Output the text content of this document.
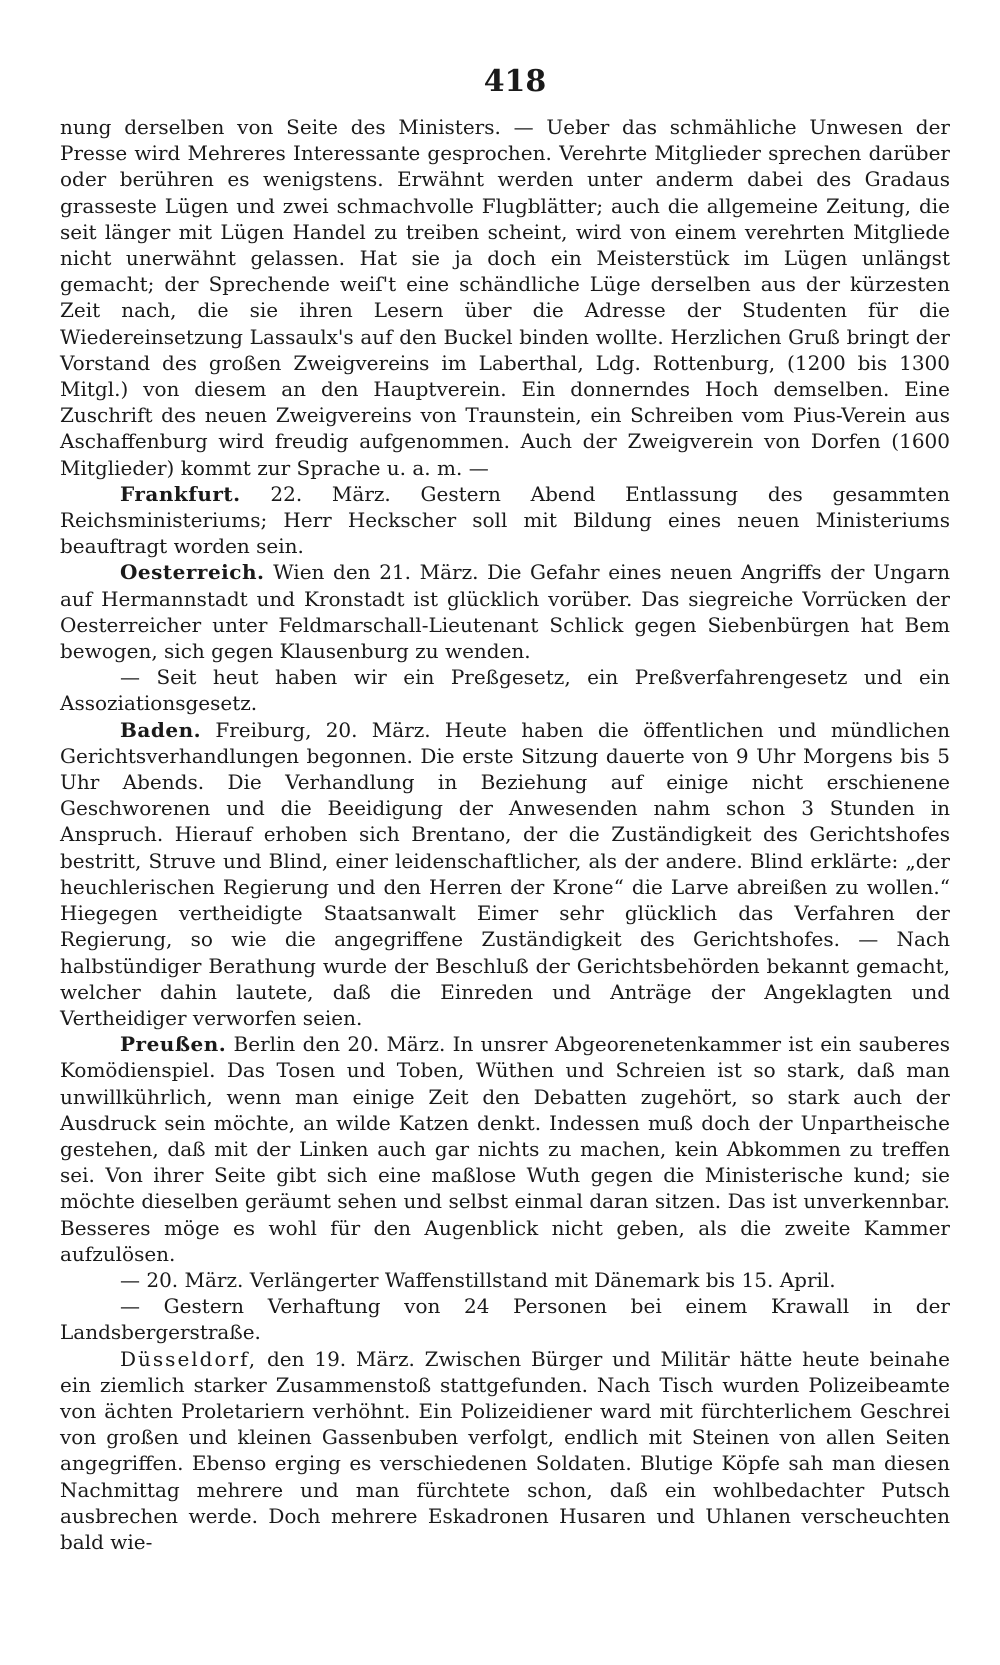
418

nung derselben von Seite des Ministers. — Ueber das schmähliche Unwesen der Presse wird Mehreres Interessante gesprochen. Verehrte Mitglieder sprechen darüber oder berühren es wenigstens. Erwähnt werden unter anderm dabei des Gradaus grasseste Lügen und zwei schmachvolle Flugblätter; auch die allgemeine Zeitung, die seit länger mit Lügen Handel zu treiben scheint, wird von einem verehrten Mitgliede nicht unerwähnt gelassen. Hat sie ja doch ein Meisterstück im Lügen unlängst gemacht; der Sprechende weiſ't eine schändliche Lüge derselben aus der kürzesten Zeit nach, die sie ihren Lesern über die Adresse der Studenten für die Wiedereinsetzung Lassaulx's auf den Buckel binden wollte. Herzlichen Gruß bringt der Vorstand des großen Zweigvereins im Laberthal, Ldg. Rottenburg, (1200 bis 1300 Mitgl.) von diesem an den Hauptverein. Ein donnerndes Hoch demselben. Eine Zuschrift des neuen Zweigvereins von Traunstein, ein Schreiben vom Pius-Verein aus Aschaffenburg wird freudig aufgenommen. Auch der Zweigverein von Dorfen (1600 Mitglieder) kommt zur Sprache u. a. m. —

Frankfurt. 22. März. Gestern Abend Entlassung des gesammten Reichsministeriums; Herr Heckscher soll mit Bildung eines neuen Ministeriums beauftragt worden sein.

Oesterreich. Wien den 21. März. Die Gefahr eines neuen Angriffs der Ungarn auf Hermannstadt und Kronstadt ist glücklich vorüber. Das siegreiche Vorrücken der Oesterreicher unter Feldmarschall-Lieutenant Schlick gegen Siebenbürgen hat Bem bewogen, sich gegen Klausenburg zu wenden.

— Seit heut haben wir ein Preßgesetz, ein Preßverfahrengesetz und ein Assoziationsgesetz.

Baden. Freiburg, 20. März. Heute haben die öffentlichen und mündlichen Gerichtsverhandlungen begonnen. Die erste Sitzung dauerte von 9 Uhr Morgens bis 5 Uhr Abends. Die Verhandlung in Beziehung auf einige nicht erschienene Geschworenen und die Beeidigung der Anwesenden nahm schon 3 Stunden in Anspruch. Hierauf erhoben sich Brentano, der die Zuständigkeit des Gerichtshofes bestritt, Struve und Blind, einer leidenschaftlicher, als der andere. Blind erklärte: „der heuchlerischen Regierung und den Herren der Krone“ die Larve abreißen zu wollen.“ Hiegegen vertheidigte Staatsanwalt Eimer sehr glücklich das Verfahren der Regierung, so wie die angegriffene Zuständigkeit des Gerichtshofes. — Nach halbstündiger Berathung wurde der Beschluß der Gerichtsbehörden bekannt gemacht, welcher dahin lautete, daß die Einreden und Anträge der Angeklagten und Vertheidiger verworfen seien.

Preußen. Berlin den 20. März. In unsrer Abgeorenetenkammer ist ein sauberes Komödienspiel. Das Tosen und Toben, Wüthen und Schreien ist so stark, daß man unwillkührlich, wenn man einige Zeit den Debatten zugehört, so stark auch der Ausdruck sein möchte, an wilde Katzen denkt. Indessen muß doch der Unpartheische gestehen, daß mit der Linken auch gar nichts zu machen, kein Abkommen zu treffen sei. Von ihrer Seite gibt sich eine maßlose Wuth gegen die Ministerische kund; sie möchte dieselben geräumt sehen und selbst einmal daran sitzen. Das ist unverkennbar. Besseres möge es wohl für den Augenblick nicht geben, als die zweite Kammer aufzulösen.

— 20. März. Verlängerter Waffenstillstand mit Dänemark bis 15. April.

— Gestern Verhaftung von 24 Personen bei einem Krawall in der Landsbergerstraße.

Düsseldorf, den 19. März. Zwischen Bürger und Militär hätte heute beinahe ein ziemlich starker Zusammenstoß stattgefunden. Nach Tisch wurden Polizeibeamte von ächten Proletariern verhöhnt. Ein Polizeidiener ward mit fürchterlichem Geschrei von großen und kleinen Gassenbuben verfolgt, endlich mit Steinen von allen Seiten angegriffen. Ebenso erging es verschiedenen Soldaten. Blutige Köpfe sah man diesen Nachmittag mehrere und man fürchtete schon, daß ein wohlbedachter Putsch ausbrechen werde. Doch mehrere Eskadronen Husaren und Uhlanen verscheuchten bald wie-
